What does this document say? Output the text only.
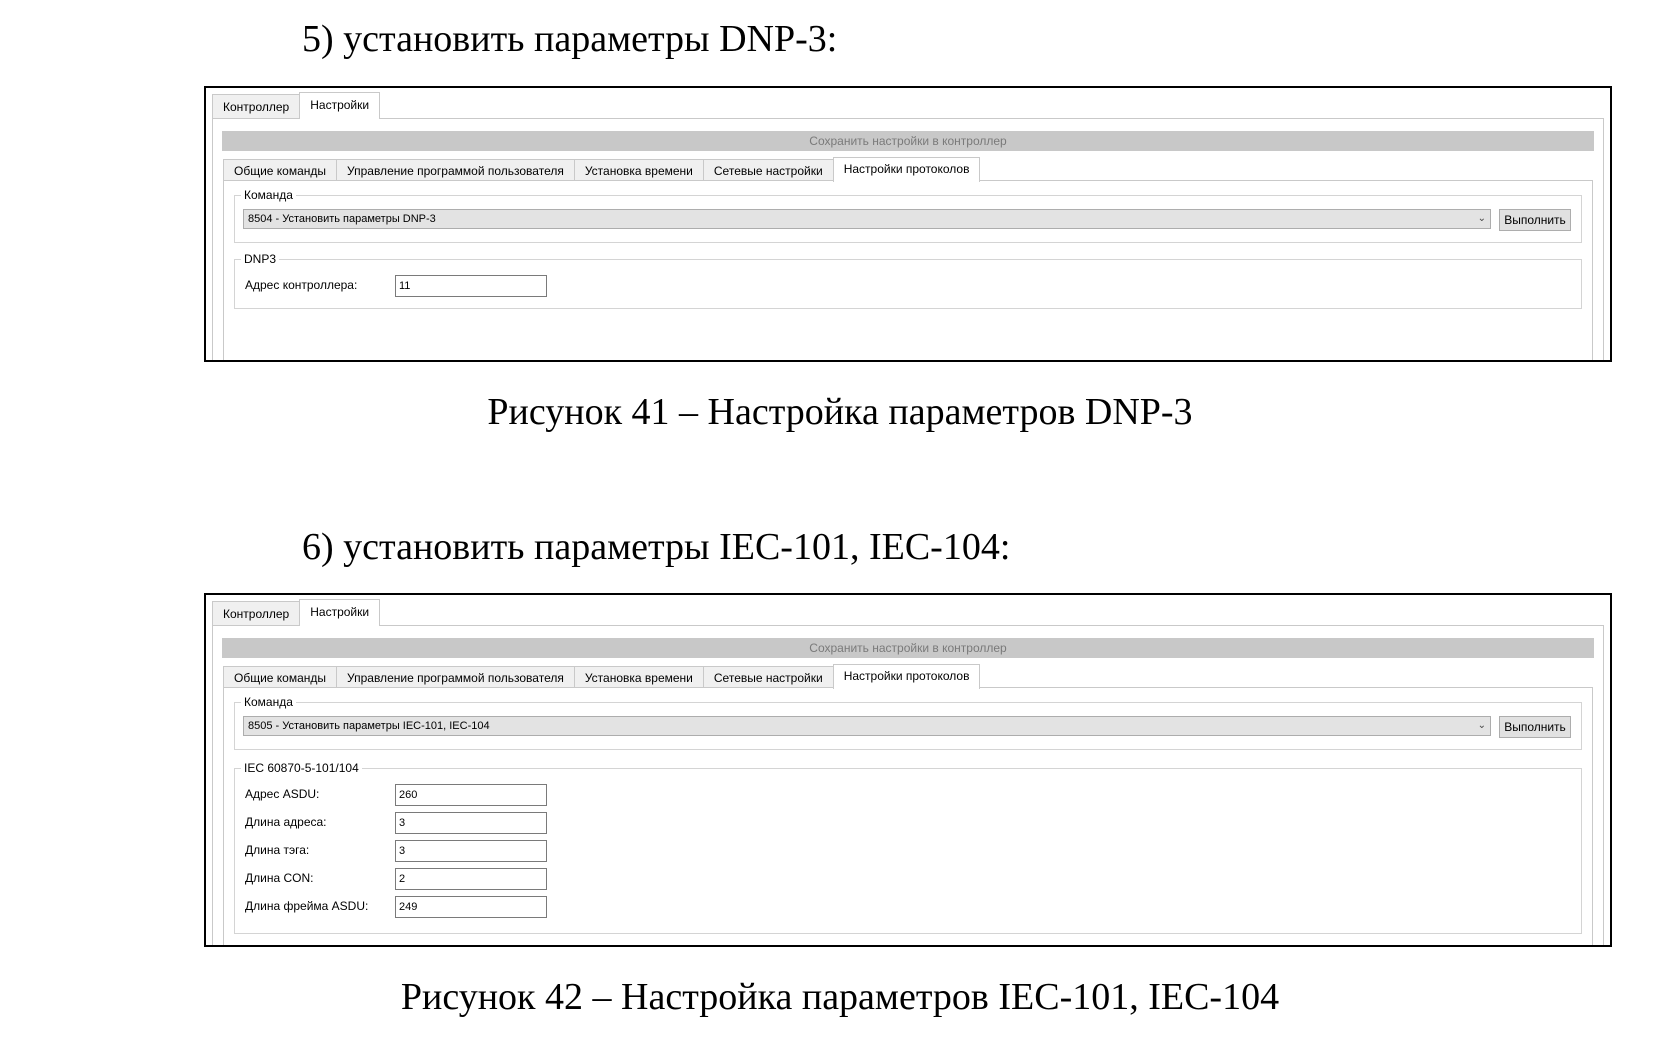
5) установить параметры DNP-3:
Контроллер	Настройки
Сохранить настройки в контроллер
Общие команды	Управление программой пользователя	Установка времени	Сетевые настройки	Настройки протоколов
Команда
8504 - Установить параметры DNP-3	⌄	Выполнить
DNP3
Адрес контроллера:
11

Рисунок 41 – Настройка параметров DNP-3

6) установить параметры IEC-101, IEC-104:
Контроллер	Настройки
Сохранить настройки в контроллер
Общие команды	Управление программой пользователя	Установка времени	Сетевые настройки	Настройки протоколов
Команда
8505 - Установить параметры IEC-101, IEC-104	⌄	Выполнить
IEC 60870-5-101/104
Адрес ASDU:
260
Длина адреса:
3
Длина тэга:
3
Длина CON:
2
Длина фрейма ASDU:
249

Рисунок 42 – Настройка параметров IEC-101, IEC-104
